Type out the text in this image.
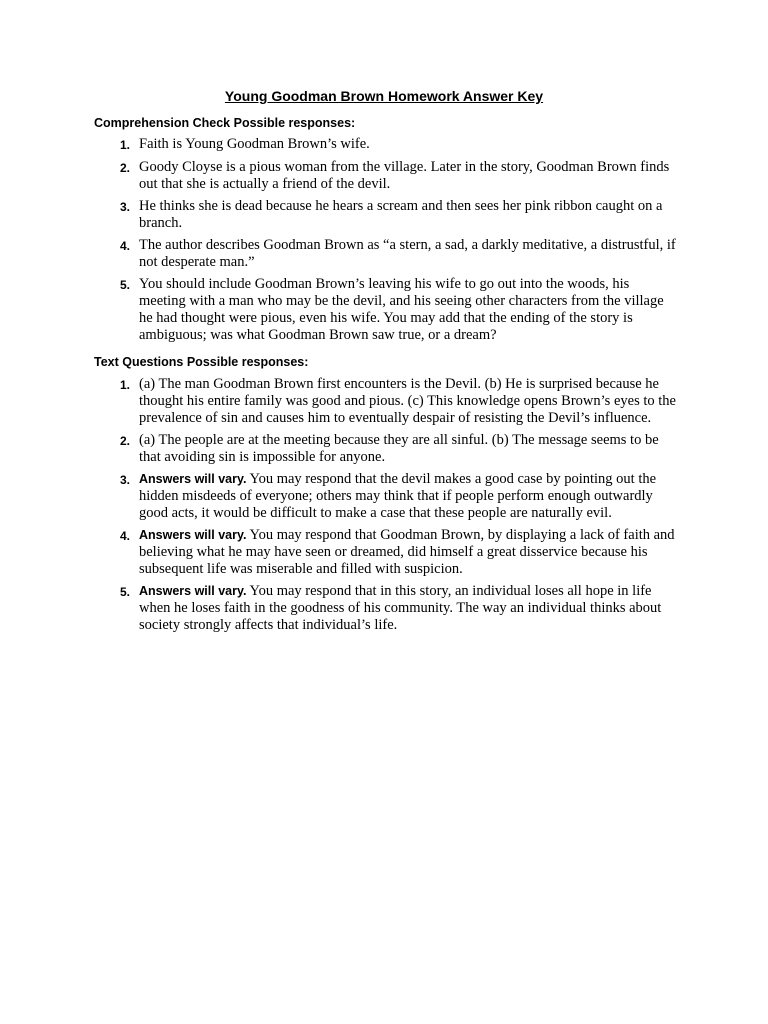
Young Goodman Brown Homework Answer Key
Comprehension Check Possible responses:
1. Faith is Young Goodman Brown’s wife.
2. Goody Cloyse is a pious woman from the village. Later in the story, Goodman Brown finds out that she is actually a friend of the devil.
3. He thinks she is dead because he hears a scream and then sees her pink ribbon caught on a branch.
4. The author describes Goodman Brown as “a stern, a sad, a darkly meditative, a distrustful, if not desperate man.”
5. You should include Goodman Brown’s leaving his wife to go out into the woods, his meeting with a man who may be the devil, and his seeing other characters from the village he had thought were pious, even his wife. You may add that the ending of the story is ambiguous; was what Goodman Brown saw true, or a dream?
Text Questions Possible responses:
1. (a) The man Goodman Brown first encounters is the Devil. (b) He is surprised because he thought his entire family was good and pious. (c) This knowledge opens Brown’s eyes to the prevalence of sin and causes him to eventually despair of resisting the Devil’s influence.
2. (a) The people are at the meeting because they are all sinful. (b) The message seems to be that avoiding sin is impossible for anyone.
3. Answers will vary. You may respond that the devil makes a good case by pointing out the hidden misdeeds of everyone; others may think that if people perform enough outwardly good acts, it would be difficult to make a case that these people are naturally evil.
4. Answers will vary. You may respond that Goodman Brown, by displaying a lack of faith and believing what he may have seen or dreamed, did himself a great disservice because his subsequent life was miserable and filled with suspicion.
5. Answers will vary. You may respond that in this story, an individual loses all hope in life when he loses faith in the goodness of his community. The way an individual thinks about society strongly affects that individual’s life.
